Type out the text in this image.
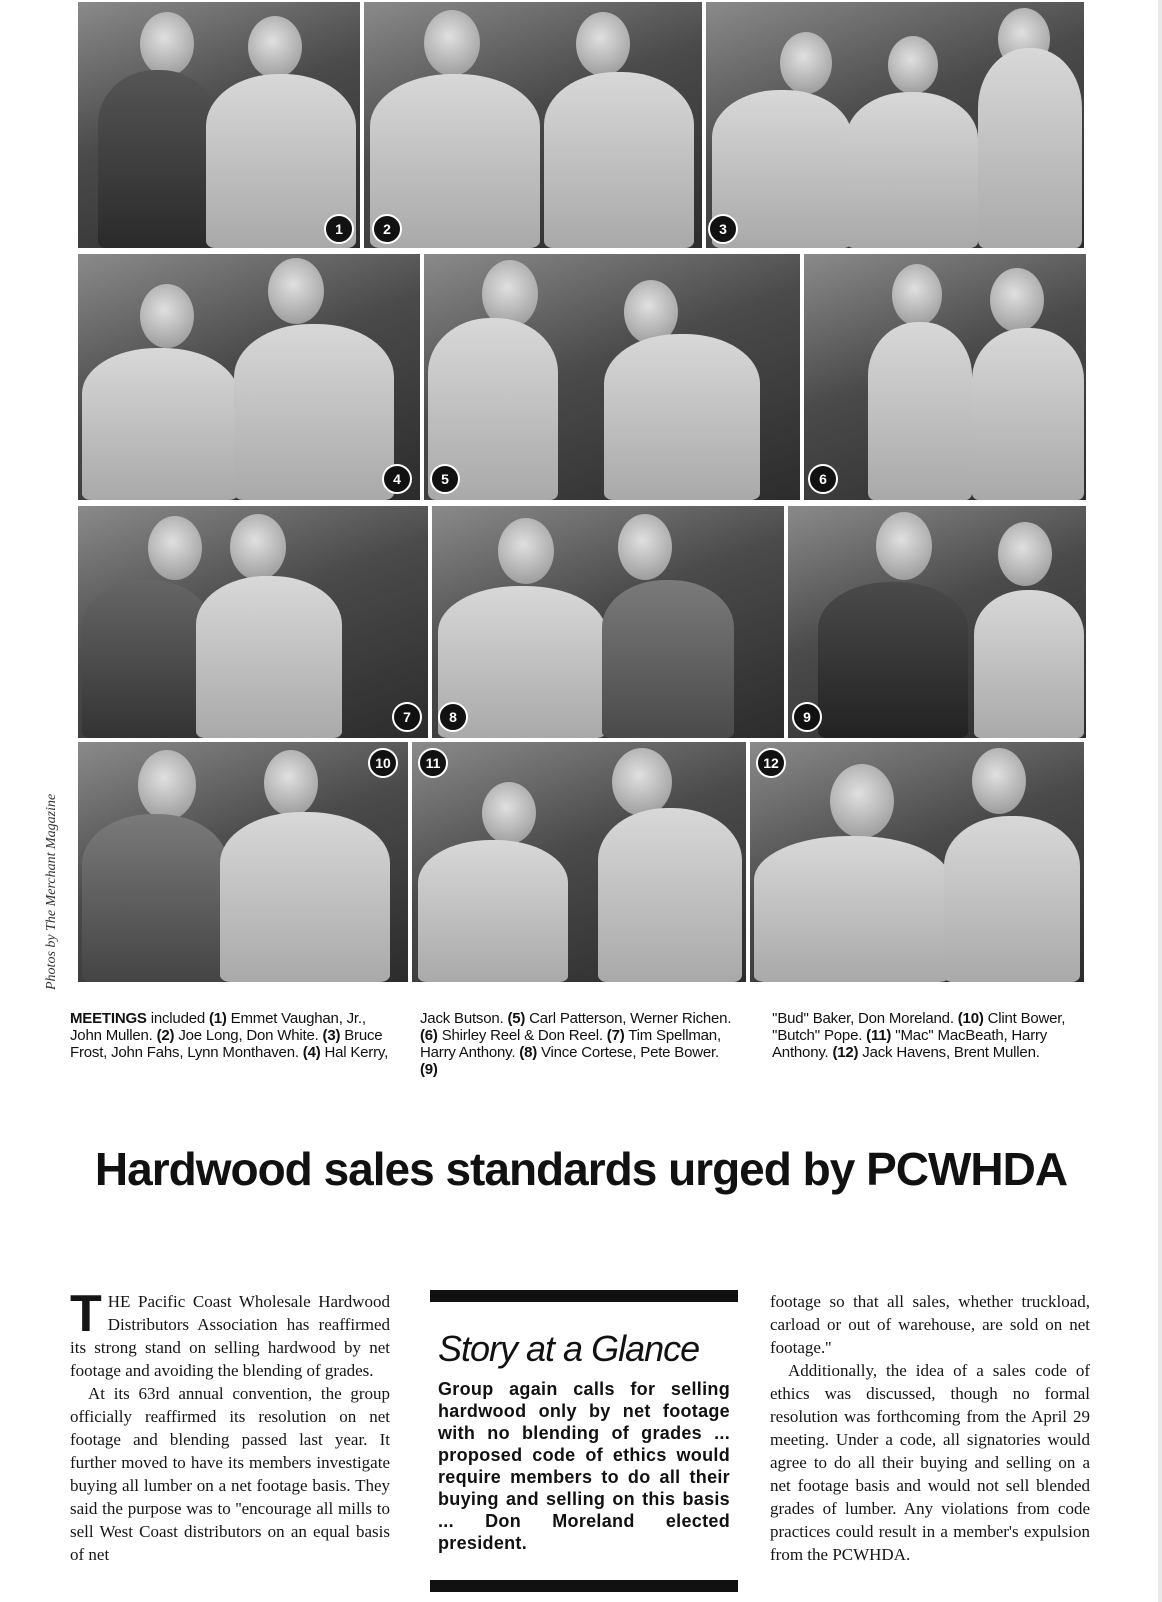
1	2	3
4	5	6
7	8	9
10	11	12
Photos by The Merchant Magazine
MEETINGS included (1) Emmet Vaughan, Jr., John Mullen. (2) Joe Long, Don White. (3) Bruce Frost, John Fahs, Lynn Monthaven. (4) Hal Kerry,
Jack Butson. (5) Carl Patterson, Werner Richen. (6) Shirley Reel & Don Reel. (7) Tim Spellman, Harry Anthony. (8) Vince Cortese, Pete Bower. (9)
''Bud'' Baker, Don Moreland. (10) Clint Bower, ''Butch'' Pope. (11) ''Mac'' MacBeath, Harry Anthony. (12) Jack Havens, Brent Mullen.
Hardwood sales standards urged by PCWHDA

THE Pacific Coast Wholesale Hardwood Distributors Association has reaffirmed its strong stand on selling hardwood by net footage and avoiding the blending of grades.

At its 63rd annual convention, the group officially reaffirmed its resolution on net footage and blending passed last year. It further moved to have its members investigate buying all lumber on a net footage basis. They said the purpose was to ''encourage all mills to sell West Coast distributors on an equal basis of net

Story at a Glance
Group again calls for selling hardwood only by net footage with no blending of grades ... proposed code of ethics would require members to do all their buying and selling on this basis ... Don Moreland elected president.

footage so that all sales, whether truckload, carload or out of warehouse, are sold on net footage.''

Additionally, the idea of a sales code of ethics was discussed, though no formal resolution was forthcoming from the April 29 meeting. Under a code, all signatories would agree to do all their buying and selling on a net footage basis and would not sell blended grades of lumber. Any violations from code practices could result in a member's expulsion from the PCWHDA.
